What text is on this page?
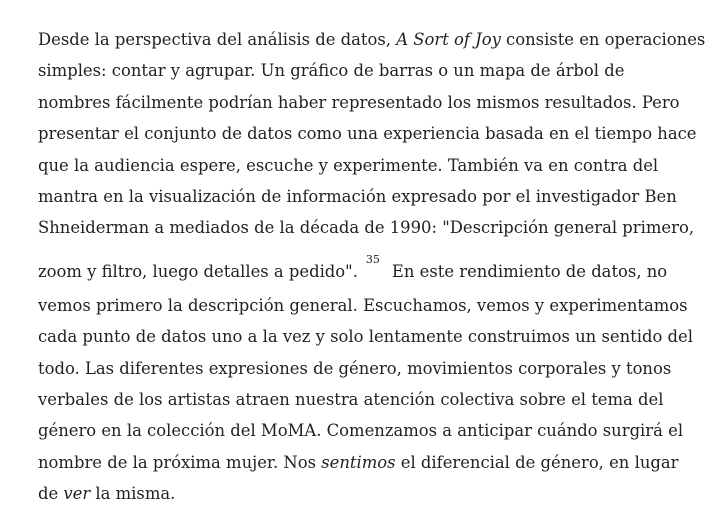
Desde la perspectiva del análisis de datos, A Sort of Joy consiste en operaciones
simples: contar y agrupar. Un gráfico de barras o un mapa de árbol de
nombres fácilmente podrían haber representado los mismos resultados. Pero
presentar el conjunto de datos como una experiencia basada en el tiempo hace
que la audiencia espere, escuche y experimente. También va en contra del
mantra en la visualización de información expresado por el investigador Ben
Shneiderman a mediados de la década de 1990: "Descripción general primero,
zoom y filtro, luego detalles a pedido".$^{35}$En este rendimiento de datos, no
vemos primero la descripción general. Escuchamos, vemos y experimentamos
cada punto de datos uno a la vez y solo lentamente construimos un sentido del
todo. Las diferentes expresiones de género, movimientos corporales y tonos
verbales de los artistas atraen nuestra atención colectiva sobre el tema del
género en la colección del MoMA. Comenzamos a anticipar cuándo surgirá el
nombre de la próxima mujer. Nos sentimos el diferencial de género, en lugar
de ver la misma.
